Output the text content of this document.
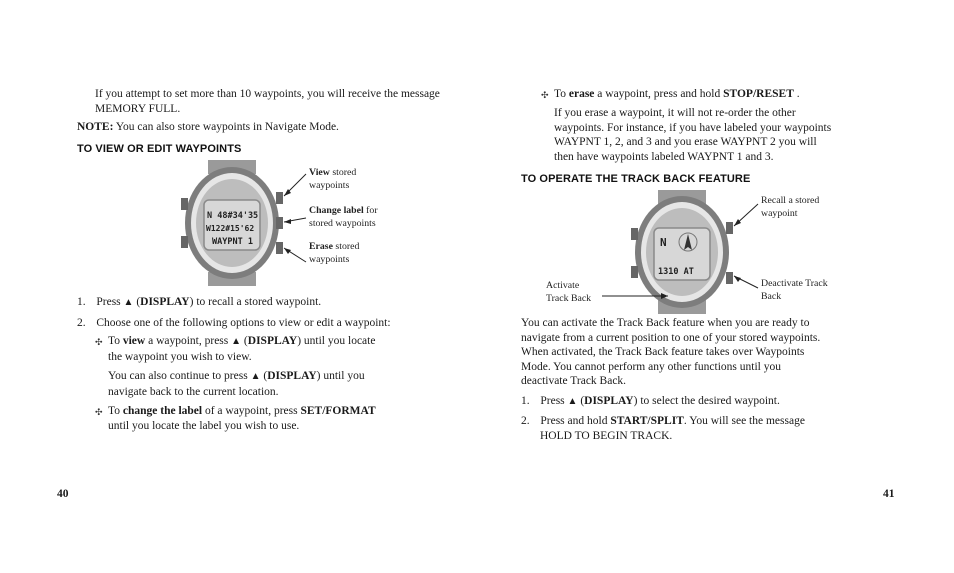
If you attempt to set more than 10 waypoints, you will receive the message MEMORY FULL.
NOTE: You can also store waypoints in Navigate Mode.
TO VIEW OR EDIT WAYPOINTS
N 48#34'35
W122#15'62
WAYPNT 1
View stored
waypoints
Change label for
stored waypoints
Erase stored
waypoints
1. Press ▲ (DISPLAY) to recall a stored waypoint.
2. Choose one of the following options to view or edit a waypoint:
✣ To view a waypoint, press ▲ (DISPLAY) until you locate
the waypoint you wish to view.
You can also continue to press ▲ (DISPLAY) until you
navigate back to the current location.
✣ To change the label of a waypoint, press SET/FORMAT
until you locate the label you wish to use.
40
✣ To erase a waypoint, press and hold STOP/RESET .
If you erase a waypoint, it will not re-order the other
waypoints. For instance, if you have labeled your waypoints
WAYPNT 1, 2, and 3 and you erase WAYPNT 2 you will
then have waypoints labeled WAYPNT 1 and 3.
TO OPERATE THE TRACK BACK FEATURE
N
1310 AT
Recall a stored
waypoint
Deactivate Track
Back
Activate
Track Back
You can activate the Track Back feature when you are ready to
navigate from a current position to one of your stored waypoints.
When activated, the Track Back feature takes over Waypoints
Mode. You cannot perform any other functions until you
deactivate Track Back.
1. Press ▲ (DISPLAY) to select the desired waypoint.
2. Press and hold START/SPLIT. You will see the message
HOLD TO BEGIN TRACK.
41
